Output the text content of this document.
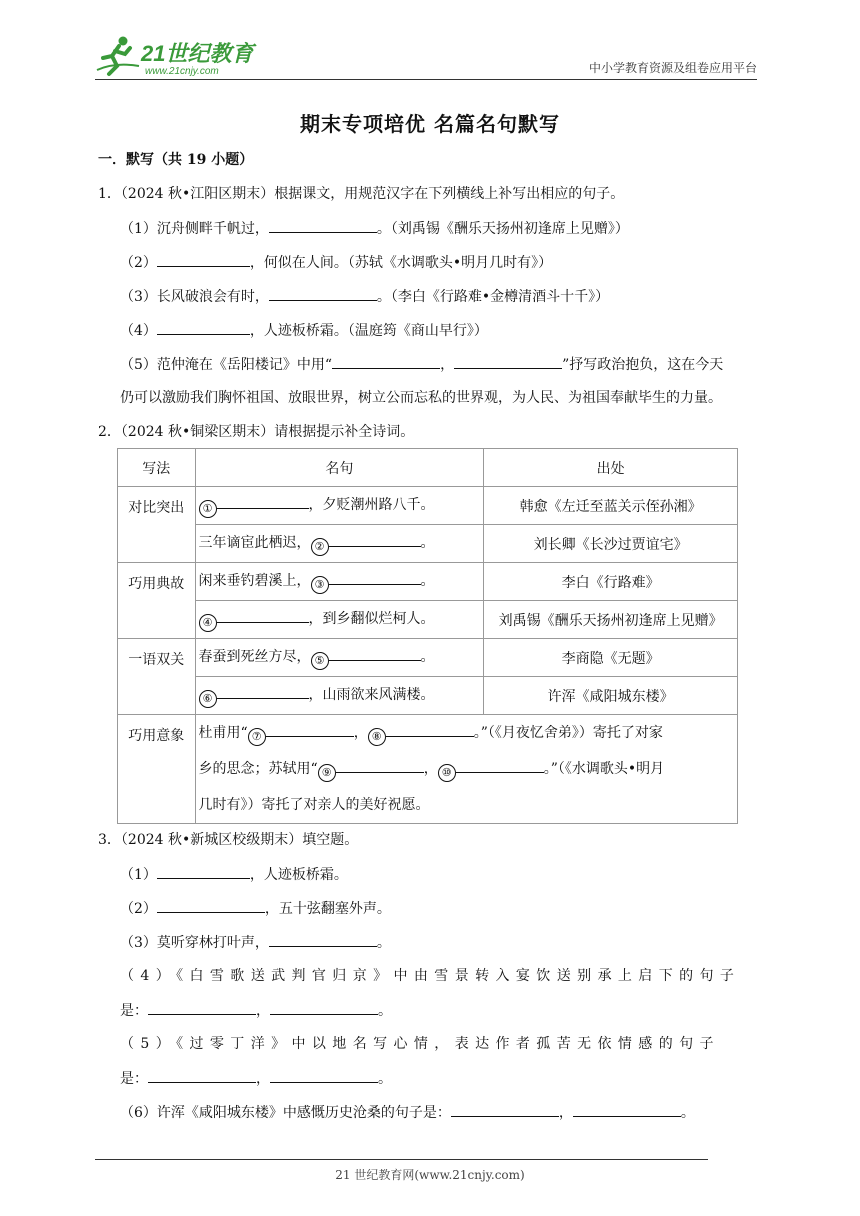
21世纪教育
www.21cnjy.com	中小学教育资源及组卷应用平台
期末专项培优 名篇名句默写
一．默写（共 19 小题）
1．（2024 秋•江阳区期末）根据课文，用规范汉字在下列横线上补写出相应的句子。
（1）沉舟侧畔千帆过，	。（刘禹锡《酬乐天扬州初逢席上见赠》）
（2）	，何似在人间。（苏轼《水调歌头•明月几时有》）
（3）长风破浪会有时，	。（李白《行路难•金樽清酒斗十千》）
（4）	，人迹板桥霜。（温庭筠《商山早行》）
（5）范仲淹在《岳阳楼记》中用“	，	”抒写政治抱负，这在今天
仍可以激励我们胸怀祖国、放眼世界，树立公而忘私的世界观，为人民、为祖国奉献毕生的力量。
2．（2024 秋•铜梁区期末）请根据提示补全诗词。
写法	名句	出处
对比突出	① ，夕贬潮州路八千。	韩愈《左迁至蓝关示侄孙湘》
	三年谪宦此栖迟， ② 。	刘长卿《长沙过贾谊宅》
巧用典故	闲来垂钓碧溪上， ③ 。	李白《行路难》
	④ ，到乡翻似烂柯人。	刘禹锡《酬乐天扬州初逢席上见赠》
一语双关	春蚕到死丝方尽， ⑤ 。	李商隐《无题》
	⑥ ，山雨欲来风满楼。	许浑《咸阳城东楼》
巧用意象	杜甫用“ ⑦ ， ⑧ 。”（《月夜忆舍弟》）寄托了对家
乡的思念；苏轼用“ ⑨ ， ⑩ 。”（《水调歌头•明月
几时有》）寄托了对亲人的美好祝愿。	
3．（2024 秋•新城区校级期末）填空题。
（1）	，人迹板桥霜。
（2）	，五十弦翻塞外声。
（3）莫听穿林打叶声，	。
（4）《白雪歌送武判官归京》中由雪景转入宴饮送别承上启下的句子
是：	，	。
（5）《过零丁洋》中以地名写心情，表达作者孤苦无依情感的句子
是：	，	。
（6）许浑《咸阳城东楼》中感慨历史沧桑的句子是：	，	。
21 世纪教育网(www.21cnjy.com)
